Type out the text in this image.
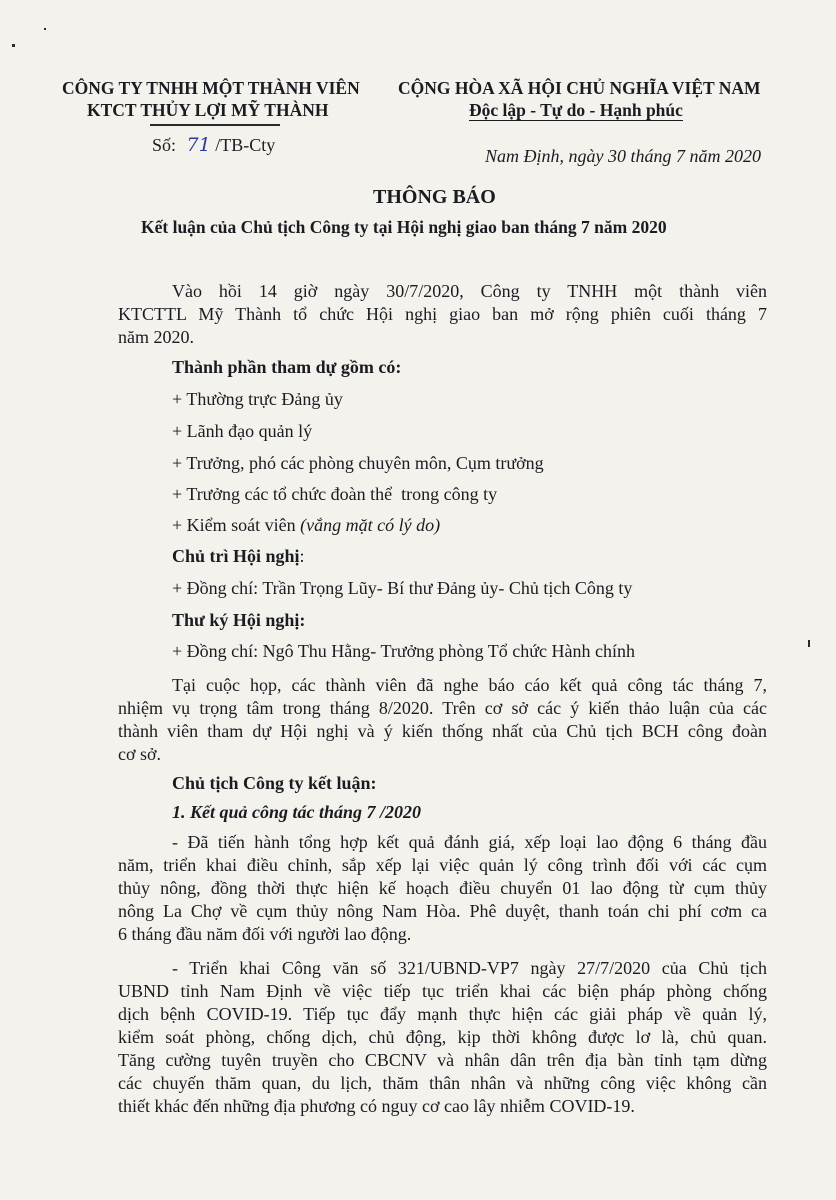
CÔNG TY TNHH MỘT THÀNH VIÊN
KTCT THỦY LỢI MỸ THÀNH
Số: 71 /TB-Cty
CỘNG HÒA XÃ HỘI CHỦ NGHĨA VIỆT NAM
Độc lập - Tự do - Hạnh phúc
Nam Định, ngày 30 tháng 7 năm 2020
THÔNG BÁO
Kết luận của Chủ tịch Công ty tại Hội nghị giao ban tháng 7 năm 2020
Vào hồi 14 giờ ngày 30/7/2020, Công ty TNHH một thành viên
KTCTTL Mỹ Thành tổ chức Hội nghị giao ban mở rộng phiên cuối tháng 7
năm 2020.
Thành phần tham dự gồm có:
+ Thường trực Đảng ủy
+ Lãnh đạo quản lý
+ Trưởng, phó các phòng chuyên môn, Cụm trưởng
+ Trưởng các tổ chức đoàn thể  trong công ty
+ Kiểm soát viên (vắng mặt có lý do)
Chủ trì Hội nghị:
+ Đồng chí: Trần Trọng Lũy- Bí thư Đảng ủy- Chủ tịch Công ty
Thư ký Hội nghị:
+ Đồng chí: Ngô Thu Hằng- Trưởng phòng Tổ chức Hành chính
Tại cuộc họp, các thành viên đã nghe báo cáo kết quả công tác tháng 7,
nhiệm vụ trọng tâm trong tháng 8/2020. Trên cơ sở các ý kiến thảo luận của các
thành viên tham dự Hội nghị và ý kiến thống nhất của Chủ tịch BCH công đoàn
cơ sở.
Chủ tịch Công ty kết luận:
1. Kết quả công tác tháng 7 /2020
- Đã tiến hành tổng hợp kết quả đánh giá, xếp loại lao động 6 tháng đầu
năm, triển khai điều chỉnh, sắp xếp lại việc quản lý công trình đối với các cụm
thủy nông, đồng thời thực hiện kế hoạch điều chuyển 01 lao động từ cụm thủy
nông La Chợ về cụm thủy nông Nam Hòa. Phê duyệt, thanh toán chi phí cơm ca
6 tháng đầu năm đối với người lao động.
- Triển khai Công văn số 321/UBND-VP7 ngày 27/7/2020 của Chủ tịch
UBND tỉnh Nam Định về việc tiếp tục triển khai các biện pháp phòng chống
dịch bệnh COVID-19. Tiếp tục đẩy mạnh thực hiện các giải pháp về quản lý,
kiểm soát phòng, chống dịch, chủ động, kịp thời không được lơ là, chủ quan.
Tăng cường tuyên truyền cho CBCNV và nhân dân trên địa bàn tỉnh tạm dừng
các chuyến thăm quan, du lịch, thăm thân nhân và những công việc không cần
thiết khác đến những địa phương có nguy cơ cao lây nhiễm COVID-19.
